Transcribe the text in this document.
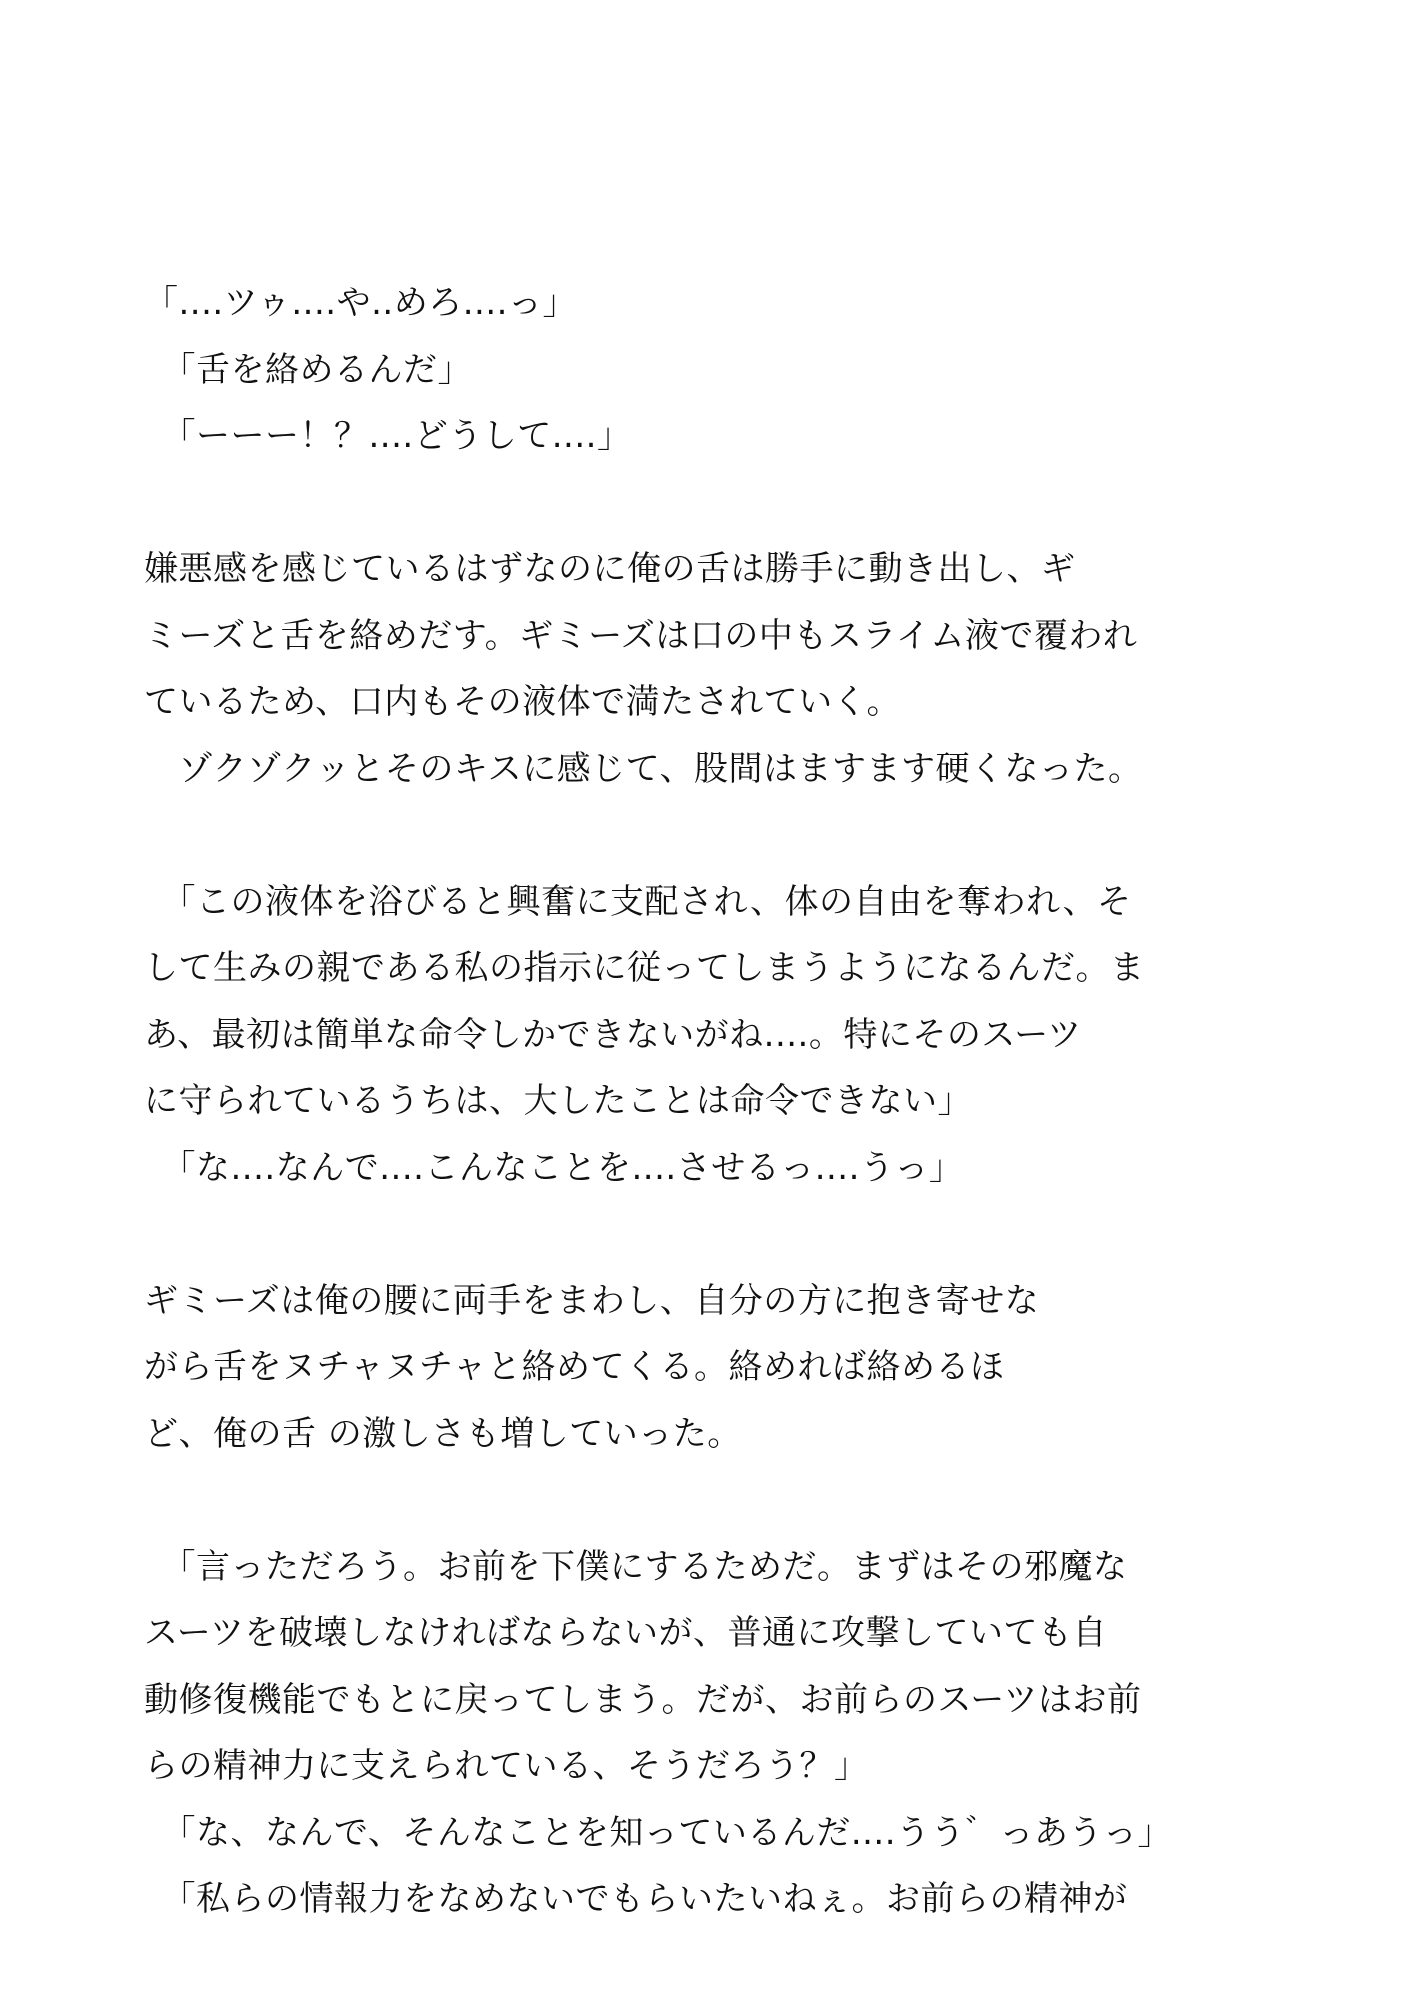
「....ツゥ....や..めろ....っ」
　「舌を絡めるんだ」
　「ーーー！？....どうして....」
嫌悪感を感じているはずなのに俺の舌は勝手に動き出し、ギ
ミーズと舌を絡めだす。ギミーズは口の中もスライム液で覆われ
ているため、口内もその液体で満たされていく。
　ゾクゾクッとそのキスに感じて、股間はますます硬くなった。
　「この液体を浴びると興奮に支配され、体の自由を奪われ、そ
して生みの親である私の指示に従ってしまうようになるんだ。ま
あ、最初は簡単な命令しかできないがね....。特にそのスーツ
に守られているうちは、大したことは命令できない」
　「な....なんで....こんなことを....させるっ....うっ」
ギミーズは俺の腰に両手をまわし、自分の方に抱き寄せな
がら舌をヌチャヌチャと絡めてくる。絡めれば絡めるほ
ど、俺の舌 の激しさも増していった。
　「言っただろう。お前を下僕にするためだ。まずはその邪魔な
スーツを破壊しなければならないが、普通に攻撃していても自
動修復機能でもとに戻ってしまう。だが、お前らのスーツはお前
らの精神力に支えられている、そうだろう？」
　「な、なんで、そんなことを知っているんだ....うう゛っあうっ」
　「私らの情報力をなめないでもらいたいねぇ。お前らの精神が
